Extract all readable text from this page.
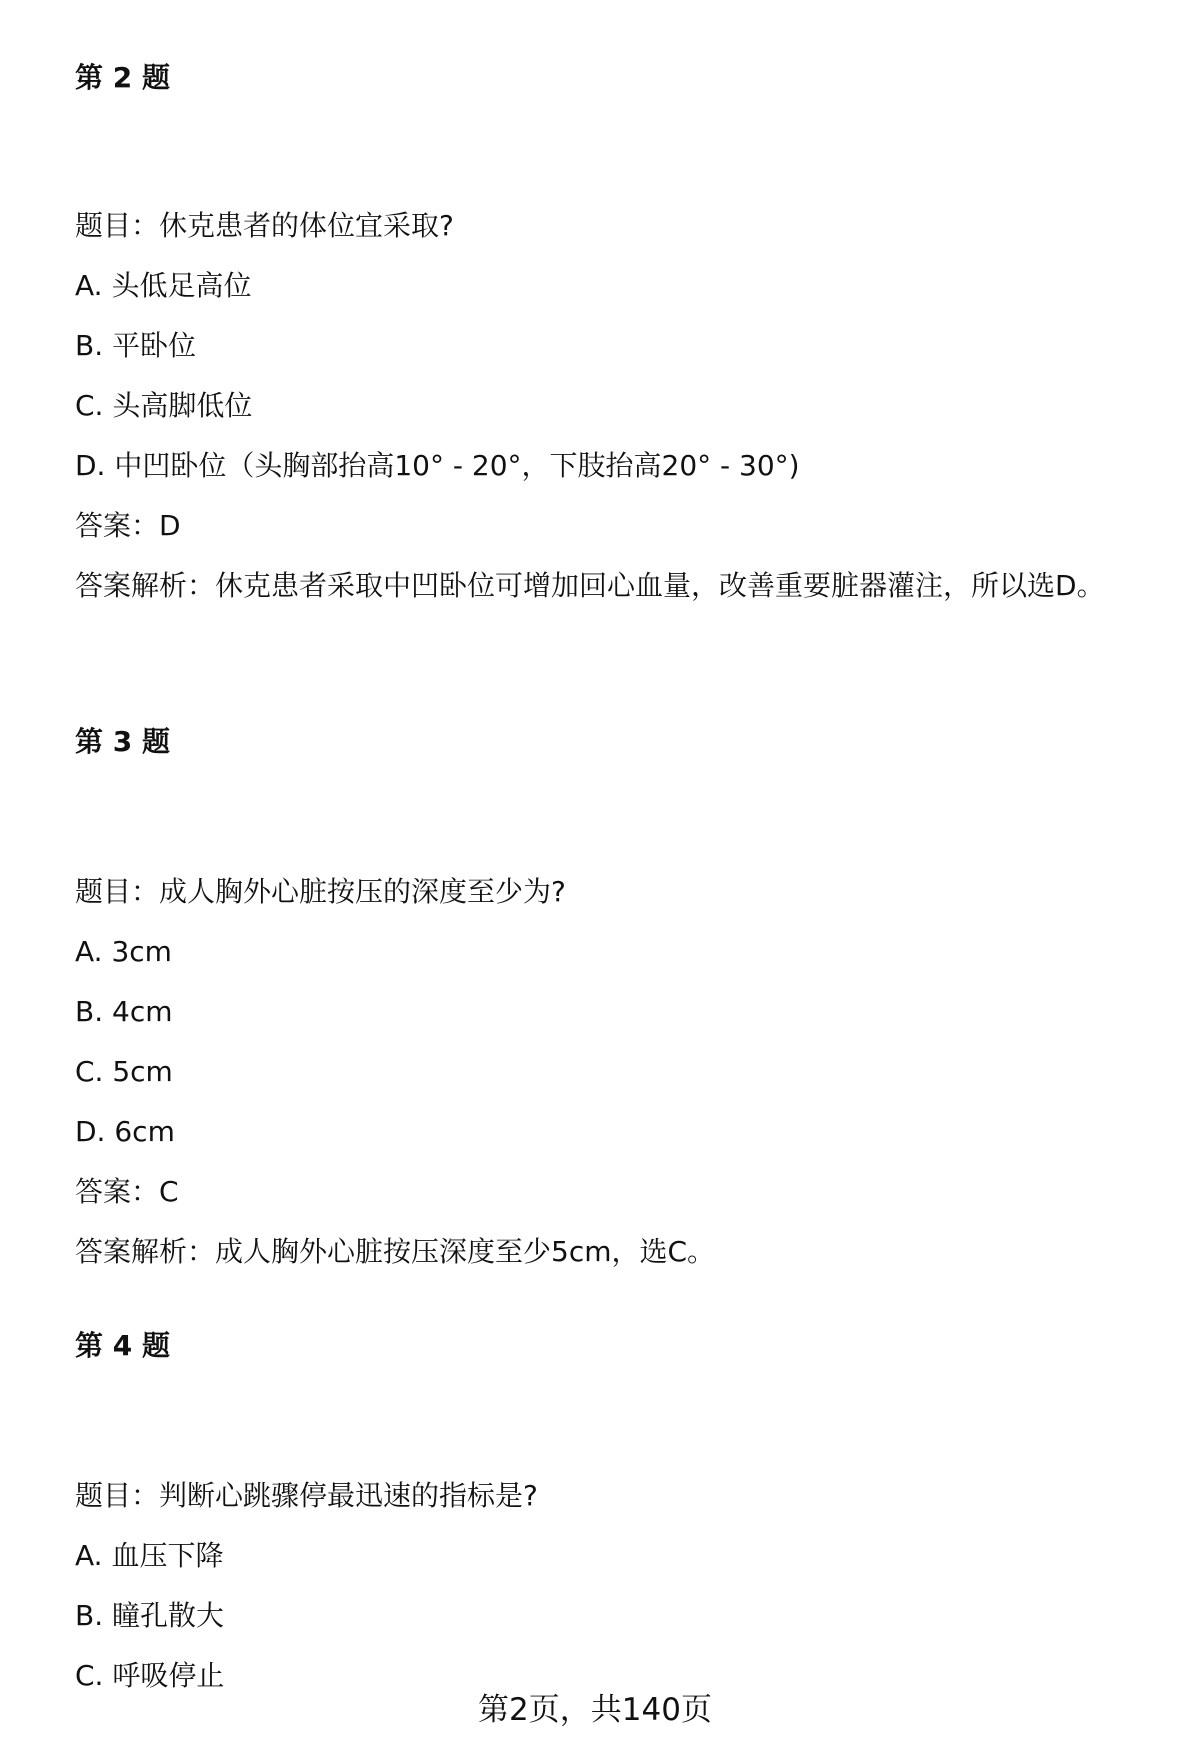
第 2 题

题目：休克患者的体位宜采取?

A. 头低足高位

B. 平卧位

C. 头高脚低位

D. 中凹卧位（头胸部抬高10° - 20°，下肢抬高20° - 30°)

答案：D

答案解析：休克患者采取中凹卧位可增加回心血量，改善重要脏器灌注，所以选D。

第 3 题

题目：成人胸外心脏按压的深度至少为?

A. 3cm

B. 4cm

C. 5cm

D. 6cm

答案：C

答案解析：成人胸外心脏按压深度至少5cm，选C。

第 4 题

题目：判断心跳骤停最迅速的指标是?

A. 血压下降

B. 瞳孔散大

C. 呼吸停止

第2页，共140页
